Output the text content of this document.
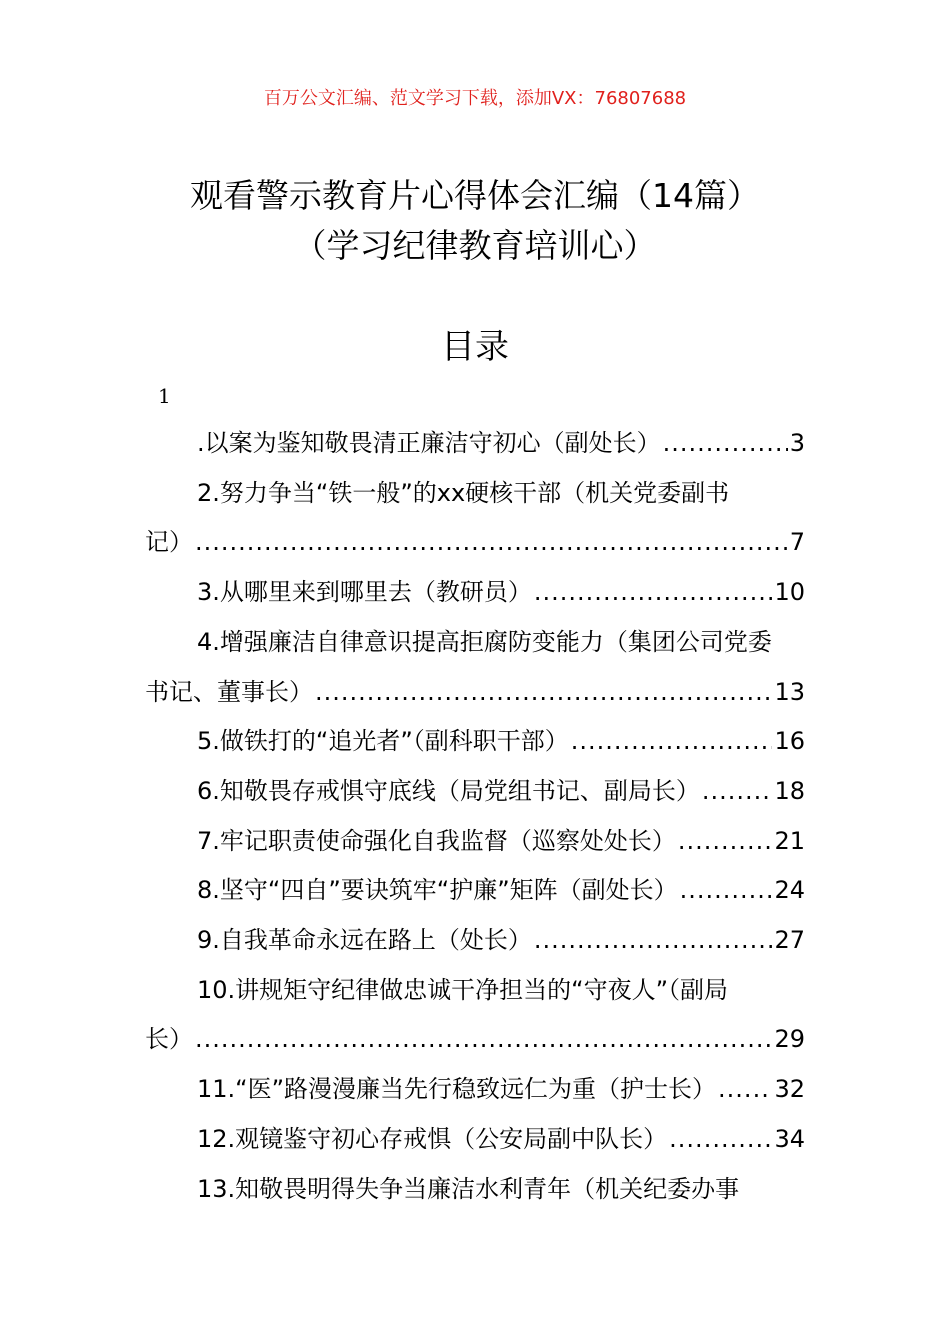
百万公文汇编、范文学习下载，添加VX：76807688
观看警示教育片心得体会汇编（14篇）
（学习纪律教育培训心）
目录
1
.以案为鉴知敬畏清正廉洁守初心（副处长） .....	3
2.努力争当“铁一般”的xx硬核干部（机关党委副书
记） .....	7
3.从哪里来到哪里去（教研员） .....	10
4.增强廉洁自律意识提高拒腐防变能力（集团公司党委
书记、董事长） .....	13
5.做铁打的“追光者”（副科职干部） .....	16
6.知敬畏存戒惧守底线（局党组书记、副局长） .....	18
7.牢记职责使命强化自我监督（巡察处处长） .....	21
8.坚守“四自”要诀筑牢“护廉”矩阵（副处长） .....	24
9.自我革命永远在路上（处长） .....	27
10.讲规矩守纪律做忠诚干净担当的“守夜人”（副局
长） .....	29
11.“医”路漫漫廉当先行稳致远仁为重（护士长） ..... 32
12.观镜鉴守初心存戒惧（公安局副中队长） .....	34
13.知敬畏明得失争当廉洁水利青年（机关纪委办事
